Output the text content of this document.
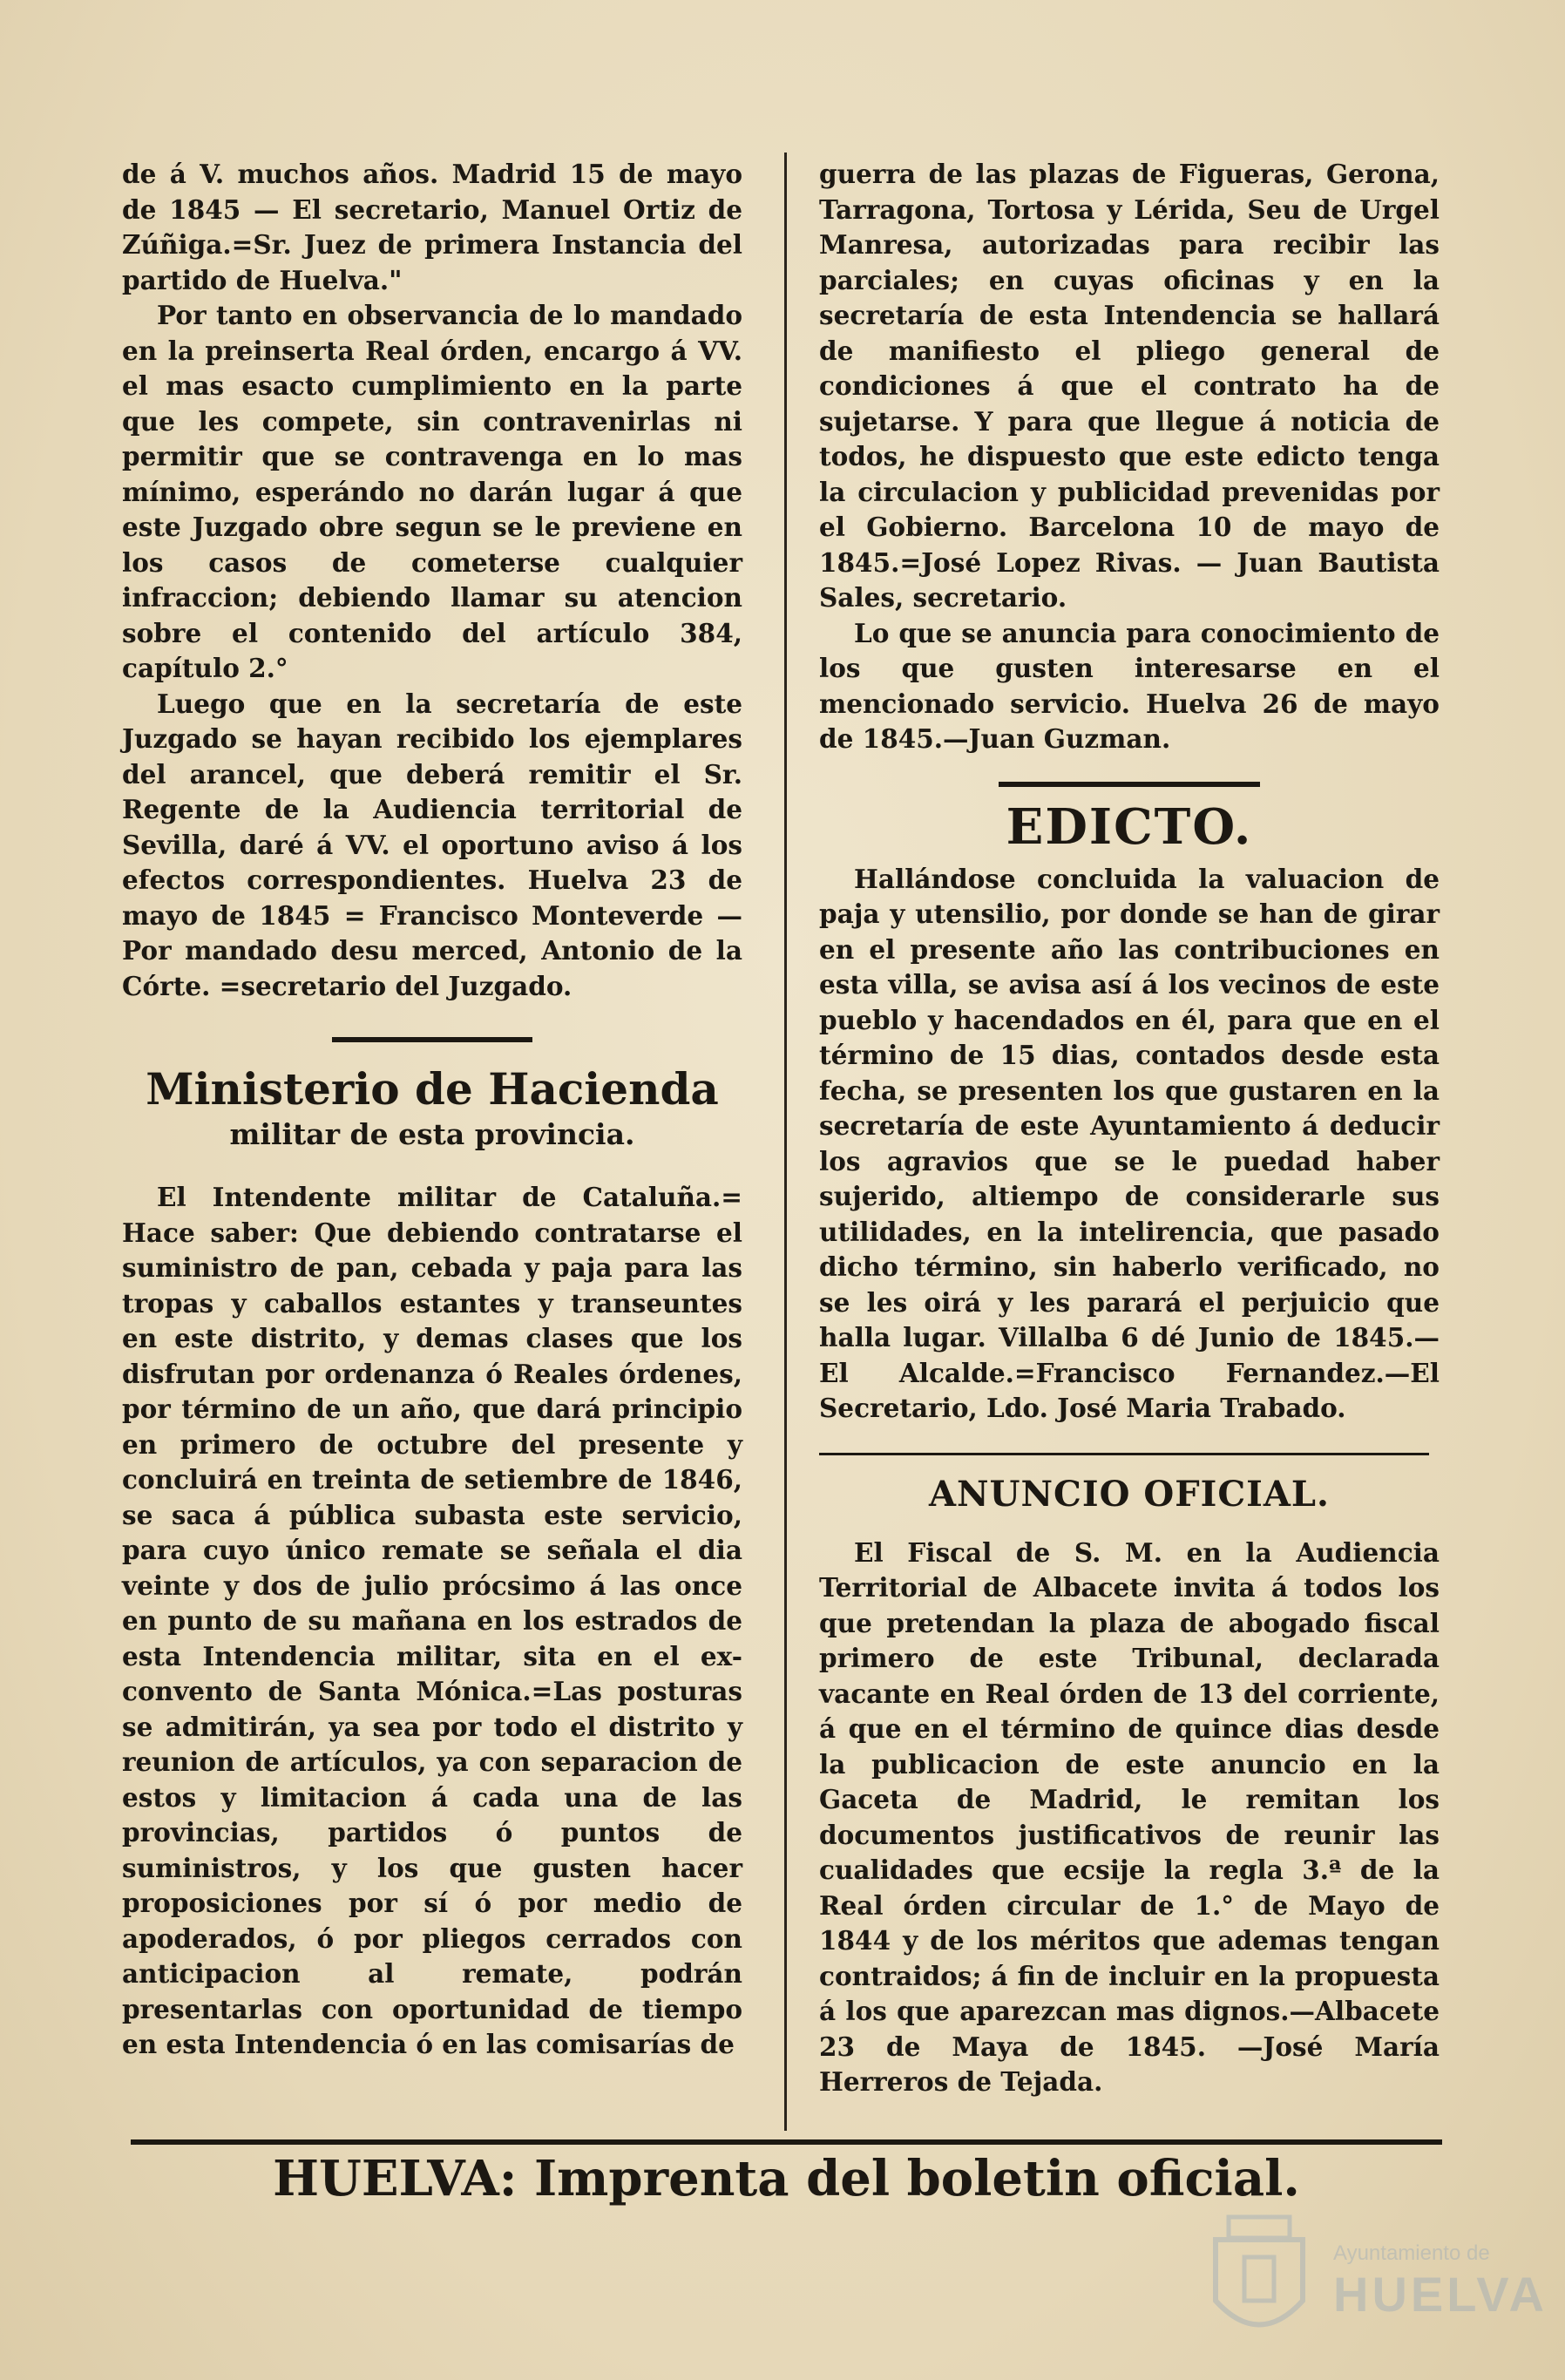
de á V. muchos años. Madrid 15 de mayo de 1845 — El secretario, Manuel Ortiz de Zúñiga.=Sr. Juez de primera Instancia del partido de Huelva."

Por tanto en observancia de lo mandado en la preinserta Real órden, encargo á VV. el mas esacto cumplimiento en la parte que les compete, sin contravenirlas ni permitir que se contravenga en lo mas mínimo, esperándo no darán lugar á que este Juzgado obre segun se le previene en los casos de cometerse cualquier infraccion; debiendo llamar su atencion sobre el contenido del artículo 384, capítulo 2.°

Luego que en la secretaría de este Juzgado se hayan recibido los ejemplares del arancel, que deberá remitir el Sr. Regente de la Audiencia territorial de Sevilla, daré á VV. el oportuno aviso á los efectos correspondientes. Huelva 23 de mayo de 1845 = Francisco Monteverde — Por mandado desu merced, Antonio de la Córte. =secretario del Juzgado.

Ministerio de Hacienda
militar de esta provincia.

El Intendente militar de Cataluña.= Hace saber: Que debiendo contratarse el suministro de pan, cebada y paja para las tropas y caballos estantes y transeuntes en este distrito, y demas clases que los disfrutan por ordenanza ó Reales órdenes, por término de un año, que dará principio en primero de octubre del presente y concluirá en treinta de setiembre de 1846, se saca á pública subasta este servicio, para cuyo único remate se señala el dia veinte y dos de julio prócsimo á las once en punto de su mañana en los estrados de esta Intendencia militar, sita en el ex-convento de Santa Mónica.=Las posturas se admitirán, ya sea por todo el distrito y reunion de artículos, ya con separacion de estos y limitacion á cada una de las provincias, partidos ó puntos de suministros, y los que gusten hacer proposiciones por sí ó por medio de apoderados, ó por pliegos cerrados con anticipacion al remate, podrán presentarlas con oportunidad de tiempo en esta Intendencia ó en las comisarías de

guerra de las plazas de Figueras, Gerona, Tarragona, Tortosa y Lérida, Seu de Urgel Manresa, autorizadas para recibir las parciales; en cuyas oficinas y en la secretaría de esta Intendencia se hallará de manifiesto el pliego general de condiciones á que el contrato ha de sujetarse. Y para que llegue á noticia de todos, he dispuesto que este edicto tenga la circulacion y publicidad prevenidas por el Gobierno. Barcelona 10 de mayo de 1845.=José Lopez Rivas. — Juan Bautista Sales, secretario.

Lo que se anuncia para conocimiento de los que gusten interesarse en el mencionado servicio. Huelva 26 de mayo de 1845.—Juan Guzman.

EDICTO.

Hallándose concluida la valuacion de paja y utensilio, por donde se han de girar en el presente año las contribuciones en esta villa, se avisa así á los vecinos de este pueblo y hacendados en él, para que en el término de 15 dias, contados desde esta fecha, se presenten los que gustaren en la secretaría de este Ayuntamiento á deducir los agravios que se le puedad haber sujerido, altiempo de considerarle sus utilidades, en la intelirencia, que pasado dicho término, sin haberlo verificado, no se les oirá y les parará el perjuicio que halla lugar. Villalba 6 dé Junio de 1845.—El Alcalde.=Francisco Fernandez.—El Secretario, Ldo. José Maria Trabado.

ANUNCIO OFICIAL.

El Fiscal de S. M. en la Audiencia Territorial de Albacete invita á todos los que pretendan la plaza de abogado fiscal primero de este Tribunal, declarada vacante en Real órden de 13 del corriente, á que en el término de quince dias desde la publicacion de este anuncio en la Gaceta de Madrid, le remitan los documentos justificativos de reunir las cualidades que ecsije la regla 3.ª de la Real órden circular de 1.° de Mayo de 1844 y de los méritos que ademas tengan contraidos; á fin de incluir en la propuesta á los que aparezcan mas dignos.—Albacete 23 de Maya de 1845. —José María Herreros de Tejada.

HUELVA: Imprenta del boletin oficial.
Ayuntamiento de
HUELVA
